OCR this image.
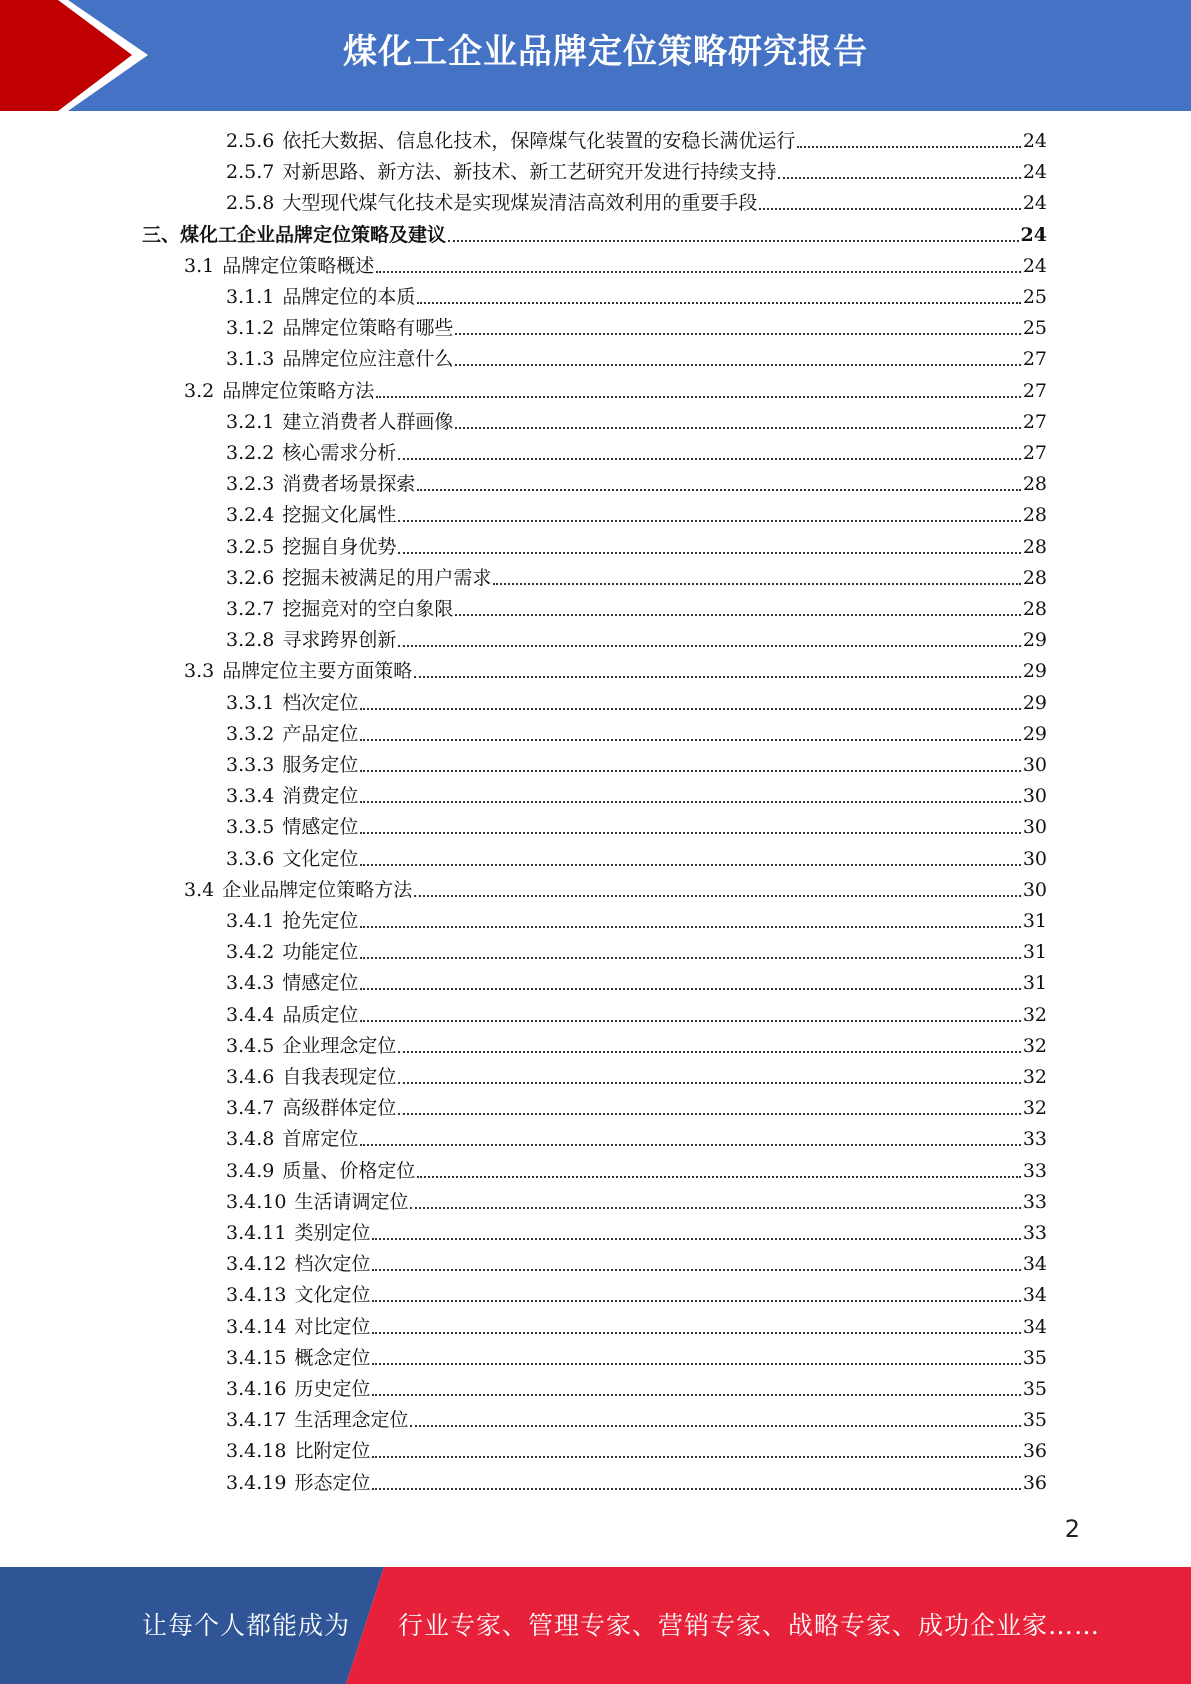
煤化工企业品牌定位策略研究报告
2.5.6 依托大数据、信息化技术，保障煤气化装置的安稳长满优运行	24
2.5.7 对新思路、新方法、新技术、新工艺研究开发进行持续支持	24
2.5.8 大型现代煤气化技术是实现煤炭清洁高效利用的重要手段	24
三、煤化工企业品牌定位策略及建议	24
3.1 品牌定位策略概述	24
3.1.1 品牌定位的本质	25
3.1.2 品牌定位策略有哪些	25
3.1.3 品牌定位应注意什么	27
3.2 品牌定位策略方法	27
3.2.1 建立消费者人群画像	27
3.2.2 核心需求分析	27
3.2.3 消费者场景探索	28
3.2.4 挖掘文化属性	28
3.2.5 挖掘自身优势	28
3.2.6 挖掘未被满足的用户需求	28
3.2.7 挖掘竞对的空白象限	28
3.2.8 寻求跨界创新	29
3.3 品牌定位主要方面策略	29
3.3.1 档次定位	29
3.3.2 产品定位	29
3.3.3 服务定位	30
3.3.4 消费定位	30
3.3.5 情感定位	30
3.3.6 文化定位	30
3.4 企业品牌定位策略方法	30
3.4.1 抢先定位	31
3.4.2 功能定位	31
3.4.3 情感定位	31
3.4.4 品质定位	32
3.4.5 企业理念定位	32
3.4.6 自我表现定位	32
3.4.7 高级群体定位	32
3.4.8 首席定位	33
3.4.9 质量、价格定位	33
3.4.10 生活请调定位	33
3.4.11 类别定位	33
3.4.12 档次定位	34
3.4.13 文化定位	34
3.4.14 对比定位	34
3.4.15 概念定位	35
3.4.16 历史定位	35
3.4.17 生活理念定位	35
3.4.18 比附定位	36
3.4.19 形态定位	36
2
让每个人都能成为 行业专家、管理专家、营销专家、战略专家、成功企业家……
